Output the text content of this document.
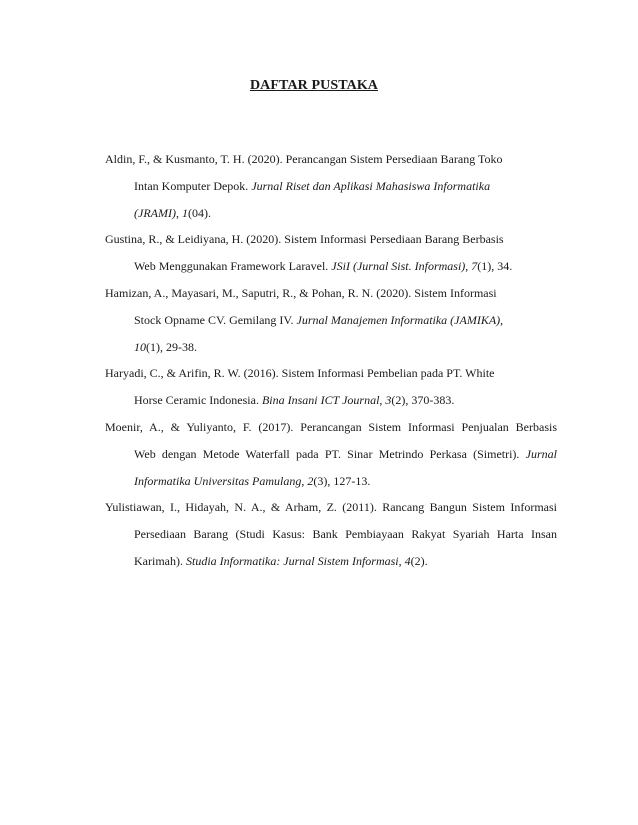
DAFTAR PUSTAKA
Aldin, F., & Kusmanto, T. H. (2020). Perancangan Sistem Persediaan Barang Toko
Intan Komputer Depok. Jurnal Riset dan Aplikasi Mahasiswa Informatika
(JRAMI), 1(04).
Gustina, R., & Leidiyana, H. (2020). Sistem Informasi Persediaan Barang Berbasis
Web Menggunakan Framework Laravel. JSiI (Jurnal Sist. Informasi), 7(1), 34.
Hamizan, A., Mayasari, M., Saputri, R., & Pohan, R. N. (2020). Sistem Informasi
Stock Opname CV. Gemilang IV. Jurnal Manajemen Informatika (JAMIKA),
10(1), 29-38.
Haryadi, C., & Arifin, R. W. (2016). Sistem Informasi Pembelian pada PT. White
Horse Ceramic Indonesia. Bina Insani ICT Journal, 3(2), 370-383.
Moenir, A., & Yuliyanto, F. (2017). Perancangan Sistem Informasi Penjualan Berbasis
Web dengan Metode Waterfall pada PT. Sinar Metrindo Perkasa (Simetri). Jurnal
Informatika Universitas Pamulang, 2(3), 127-13.
Yulistiawan, I., Hidayah, N. A., & Arham, Z. (2011). Rancang Bangun Sistem Informasi
Persediaan Barang (Studi Kasus: Bank Pembiayaan Rakyat Syariah Harta Insan
Karimah). Studia Informatika: Jurnal Sistem Informasi, 4(2).
